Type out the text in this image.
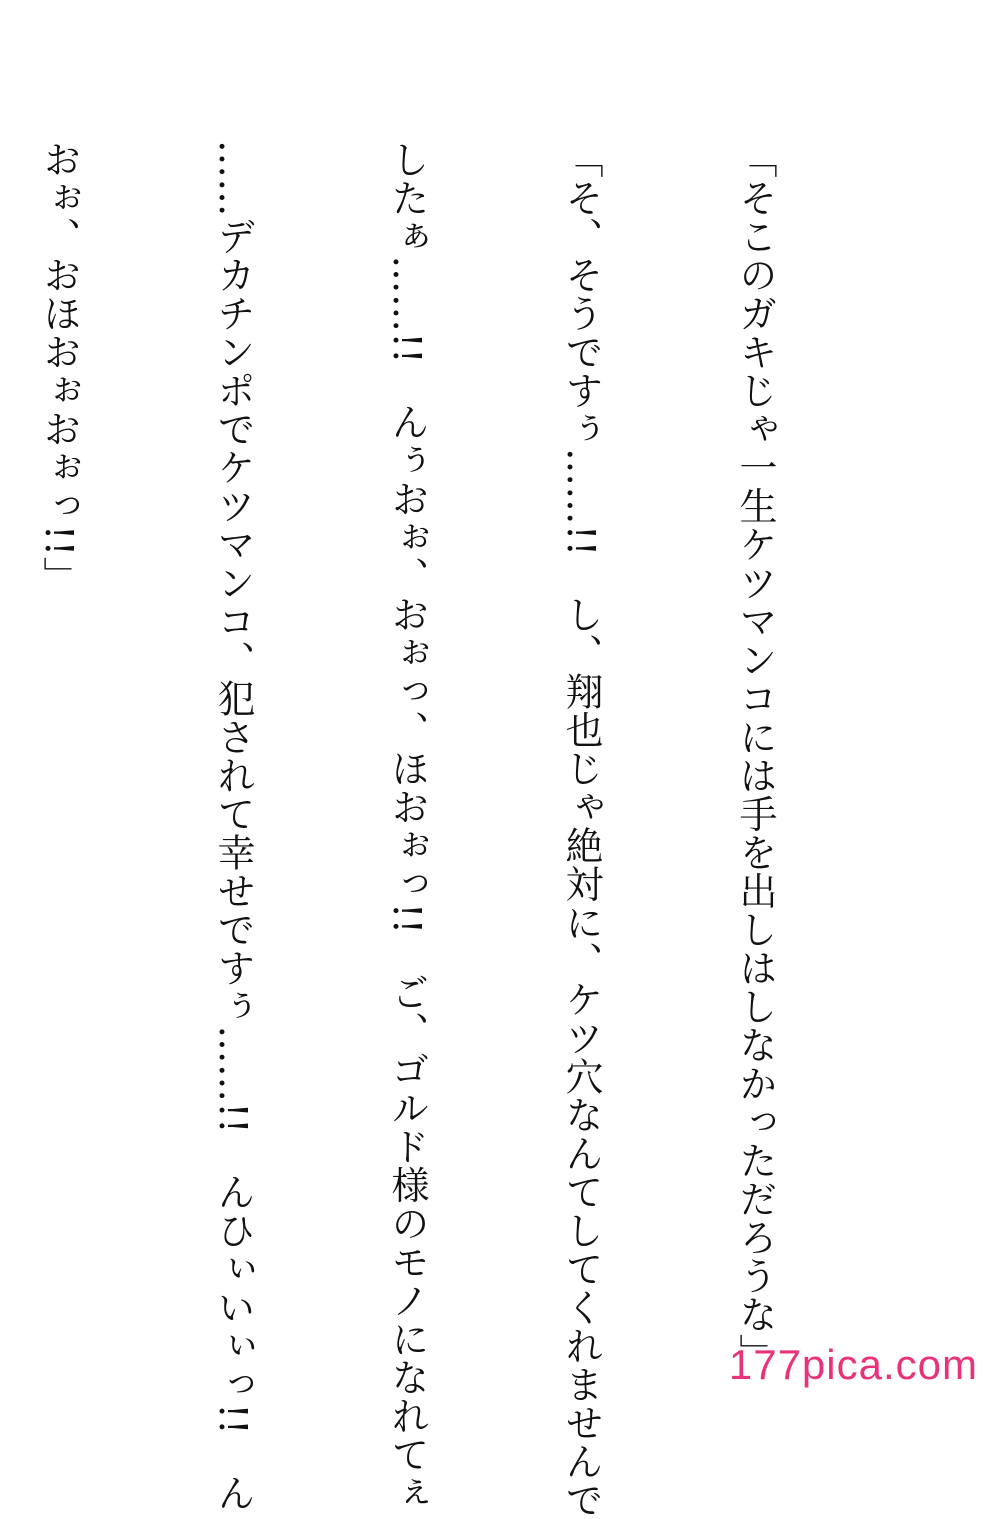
「そこのガキじゃ一生ケツマンコには手を出しはしなかっただろうな」

「そ、そうですぅ……!!　し、翔也じゃ絶対に、ケツ穴なんてしてくれませんで

したぁ……!!　んぅおぉ、おぉっ、ほおぉっ!!　ご、ゴルド様のモノになれてぇ

……デカチンポでケツマンコ、犯されて幸せですぅ……!!　んひぃいぃっ!!　ん

おぉ、おほおぉおぉっ!!」

177pica.com
